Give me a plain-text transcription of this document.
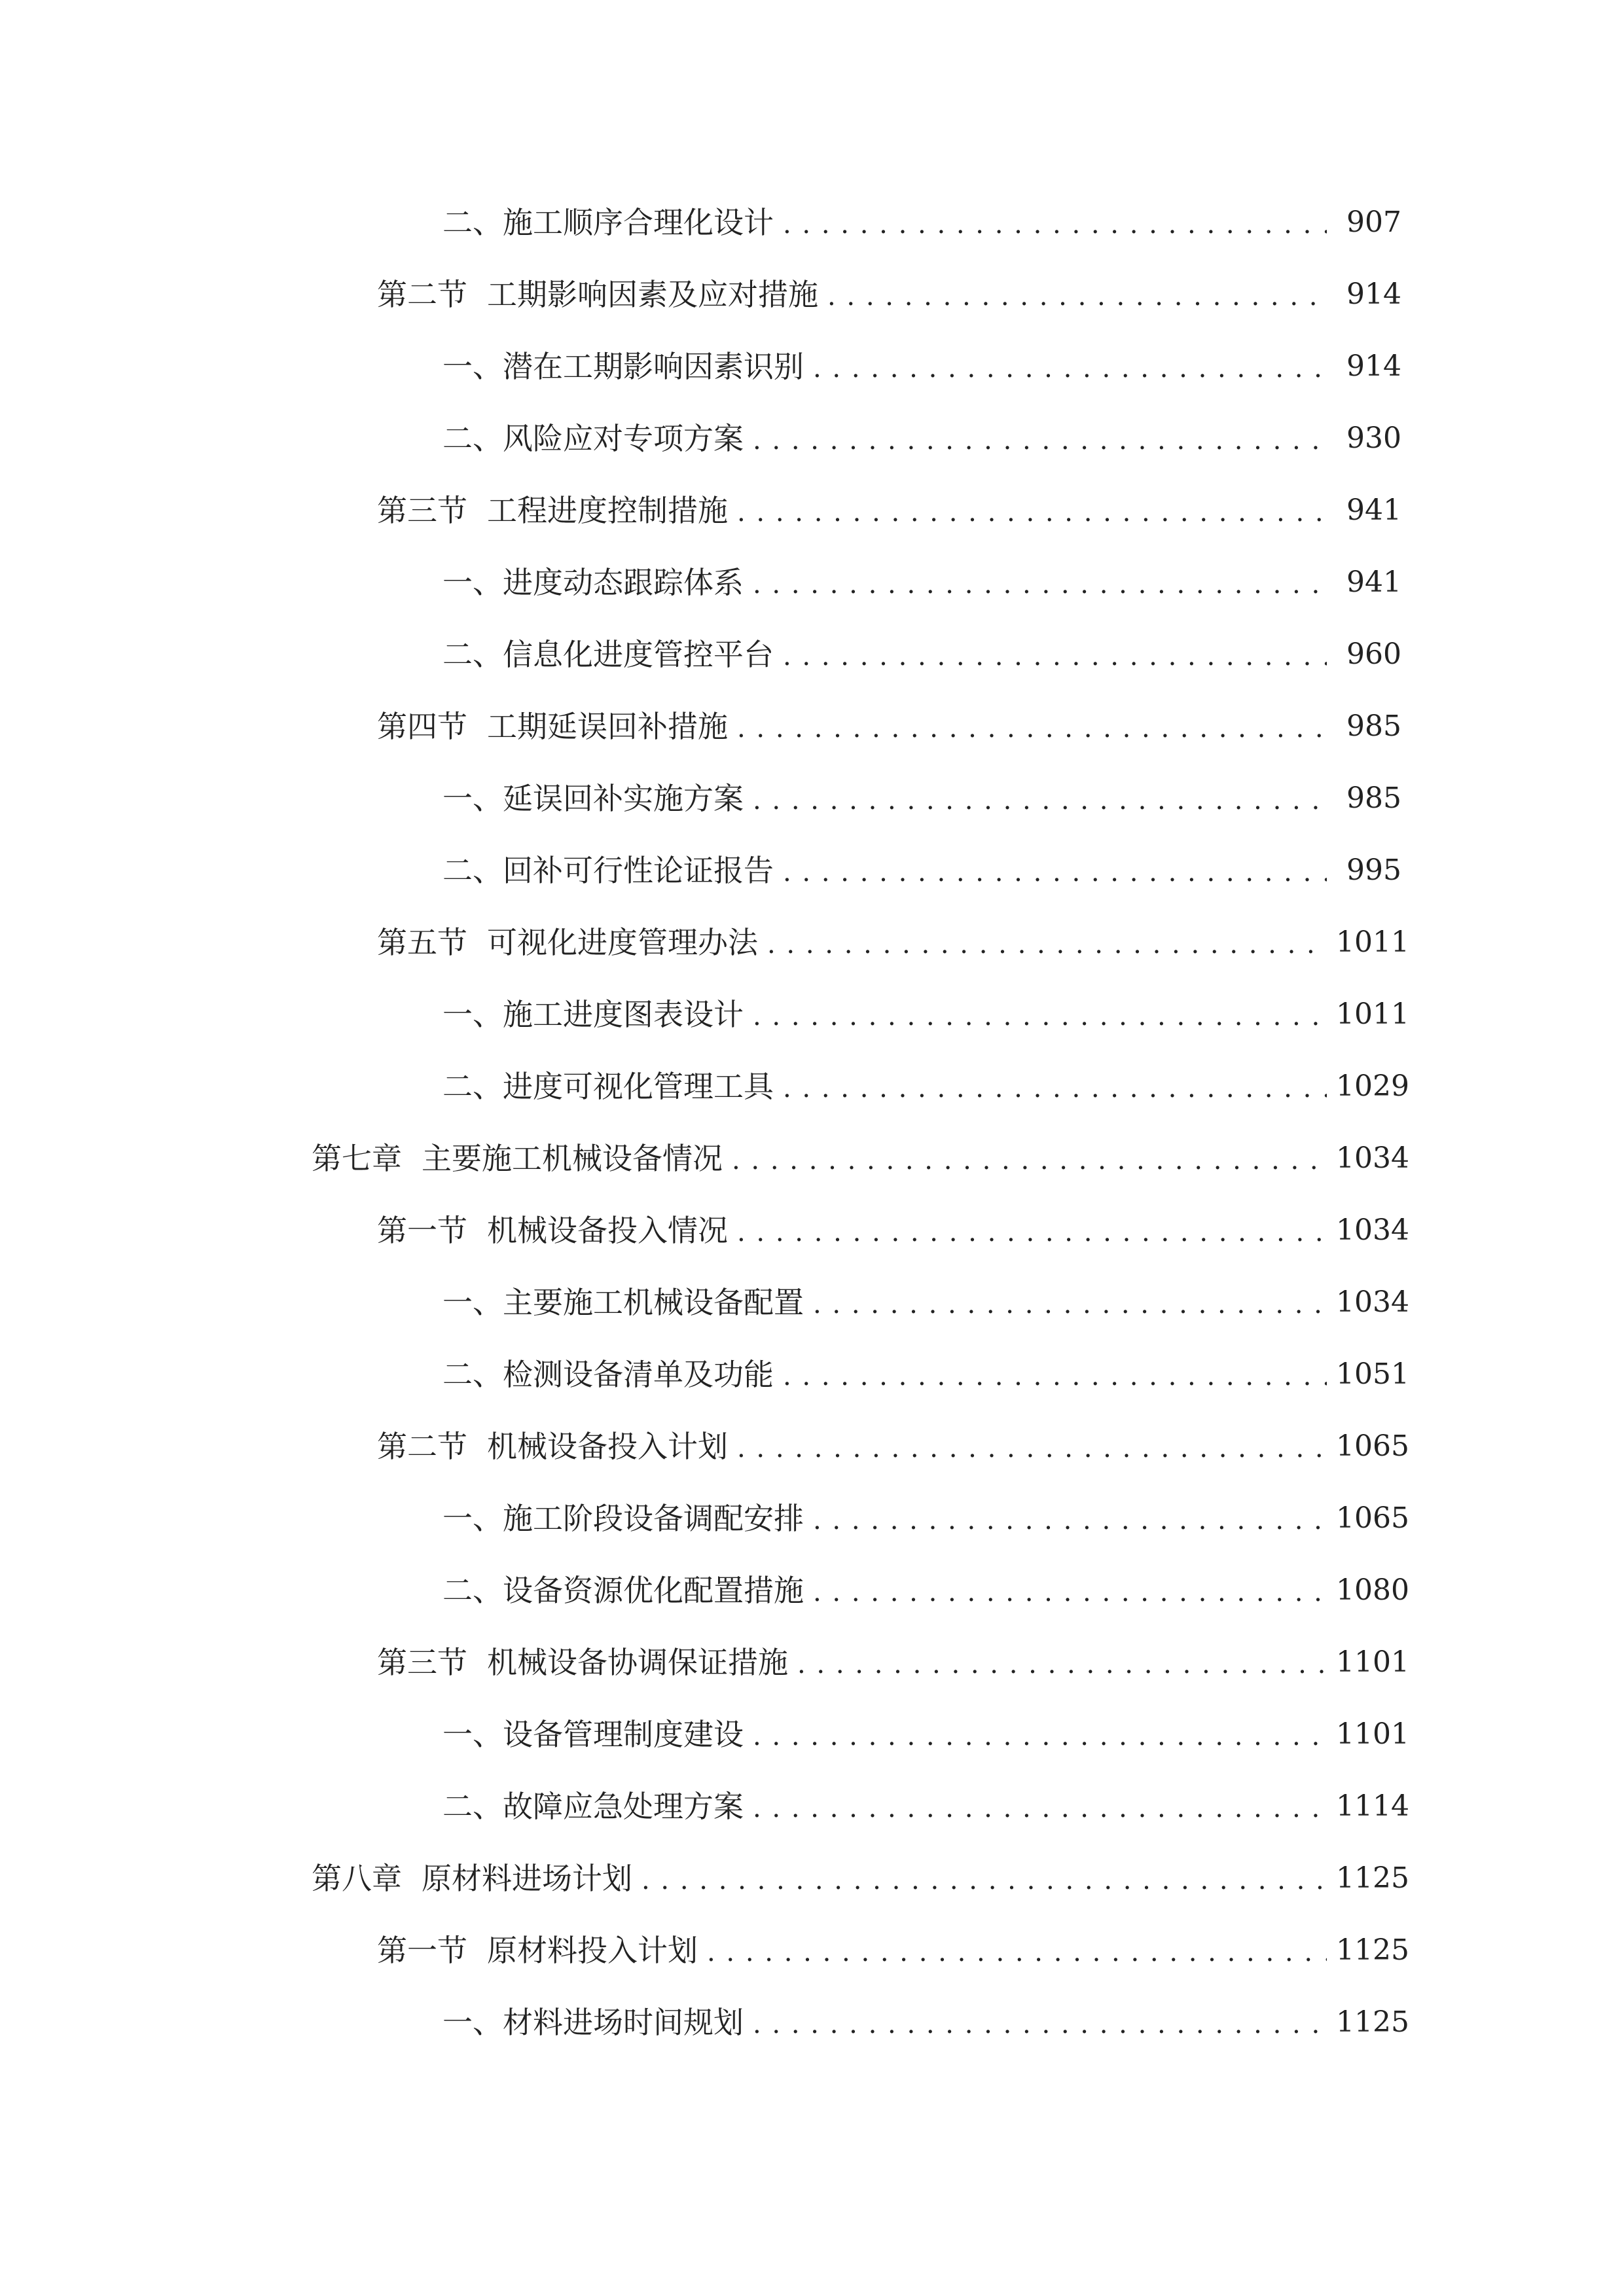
二、 施工顺序合理化设计 . . .	907
第二节 工期影响因素及应对措施 . . .	914
一、 潜在工期影响因素识别 . . .	914
二、 风险应对专项方案 . . .	930
第三节 工程进度控制措施 . . .	941
一、 进度动态跟踪体系 . . .	941
二、 信息化进度管控平台 . . .	960
第四节 工期延误回补措施 . . .	985
一、 延误回补实施方案 . . .	985
二、 回补可行性论证报告 . . .	995
第五节 可视化进度管理办法 . . .	1011
一、 施工进度图表设计 . . .	1011
二、 进度可视化管理工具 . . .	1029
第七章 主要施工机械设备情况 . . .	1034
第一节 机械设备投入情况 . . .	1034
一、 主要施工机械设备配置 . . .	1034
二、 检测设备清单及功能 . . .	1051
第二节 机械设备投入计划 . . .	1065
一、 施工阶段设备调配安排 . . .	1065
二、 设备资源优化配置措施 . . .	1080
第三节 机械设备协调保证措施 . . .	1101
一、 设备管理制度建设 . . .	1101
二、 故障应急处理方案 . . .	1114
第八章 原材料进场计划 . . .	1125
第一节 原材料投入计划 . . .	1125
一、 材料进场时间规划 . . .	1125
